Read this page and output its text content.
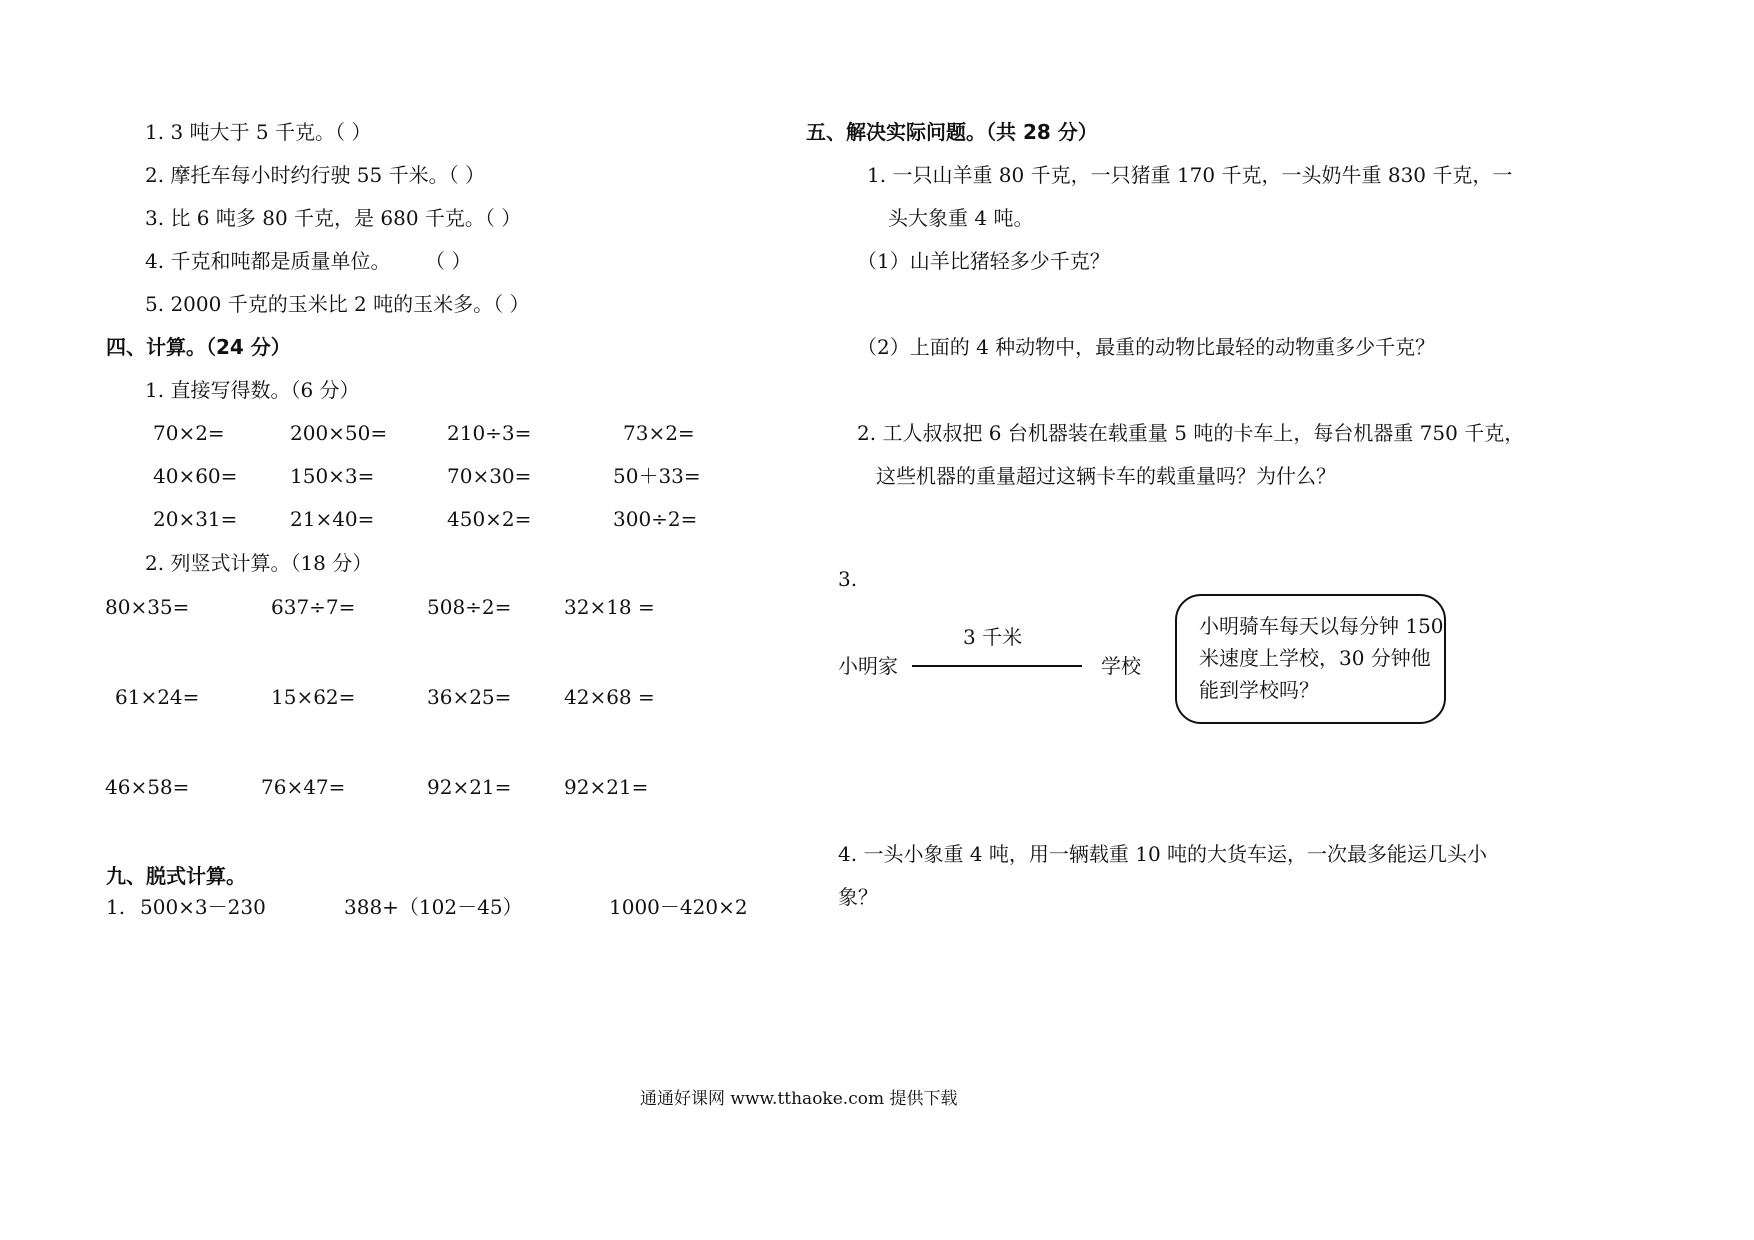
1. 3 吨大于 5 千克。（ ）
2. 摩托车每小时约行驶 55 千米。（ ）
3. 比 6 吨多 80 千克，是 680 千克。（ ）
4. 千克和吨都是质量单位。 （ ）
5. 2000 千克的玉米比 2 吨的玉米多。（ ）
四、计算。（24 分）
1. 直接写得数。（6 分）
70×2=	200×50=	210÷3=	73×2=
40×60=	150×3=	70×30=	50＋33=
20×31=	21×40=	450×2=	300÷2=
2. 列竖式计算。（18 分）
80×35=	637÷7=	508÷2=	32×18 =
61×24=	15×62=	36×25=	42×68 =
46×58=	76×47=	92×21=	92×21=
九、脱式计算。
1. 500×3－230	388+（102－45）	1000－420×2
五、解决实际问题。（共 28 分）
1. 一只山羊重 80 千克，一只猪重 170 千克，一头奶牛重 830 千克，一
头大象重 4 吨。
（1）山羊比猪轻多少千克？
（2）上面的 4 种动物中，最重的动物比最轻的动物重多少千克？
2. 工人叔叔把 6 台机器装在载重量 5 吨的卡车上，每台机器重 750 千克，
这些机器的重量超过这辆卡车的载重量吗？为什么？
3.
3 千米
小明家	学校
小明骑车每天以每分钟 150
米速度上学校，30 分钟他
能到学校吗？
4. 一头小象重 4 吨，用一辆载重 10 吨的大货车运，一次最多能运几头小
象？
通通好课网 www.tthaoke.com 提供下载
